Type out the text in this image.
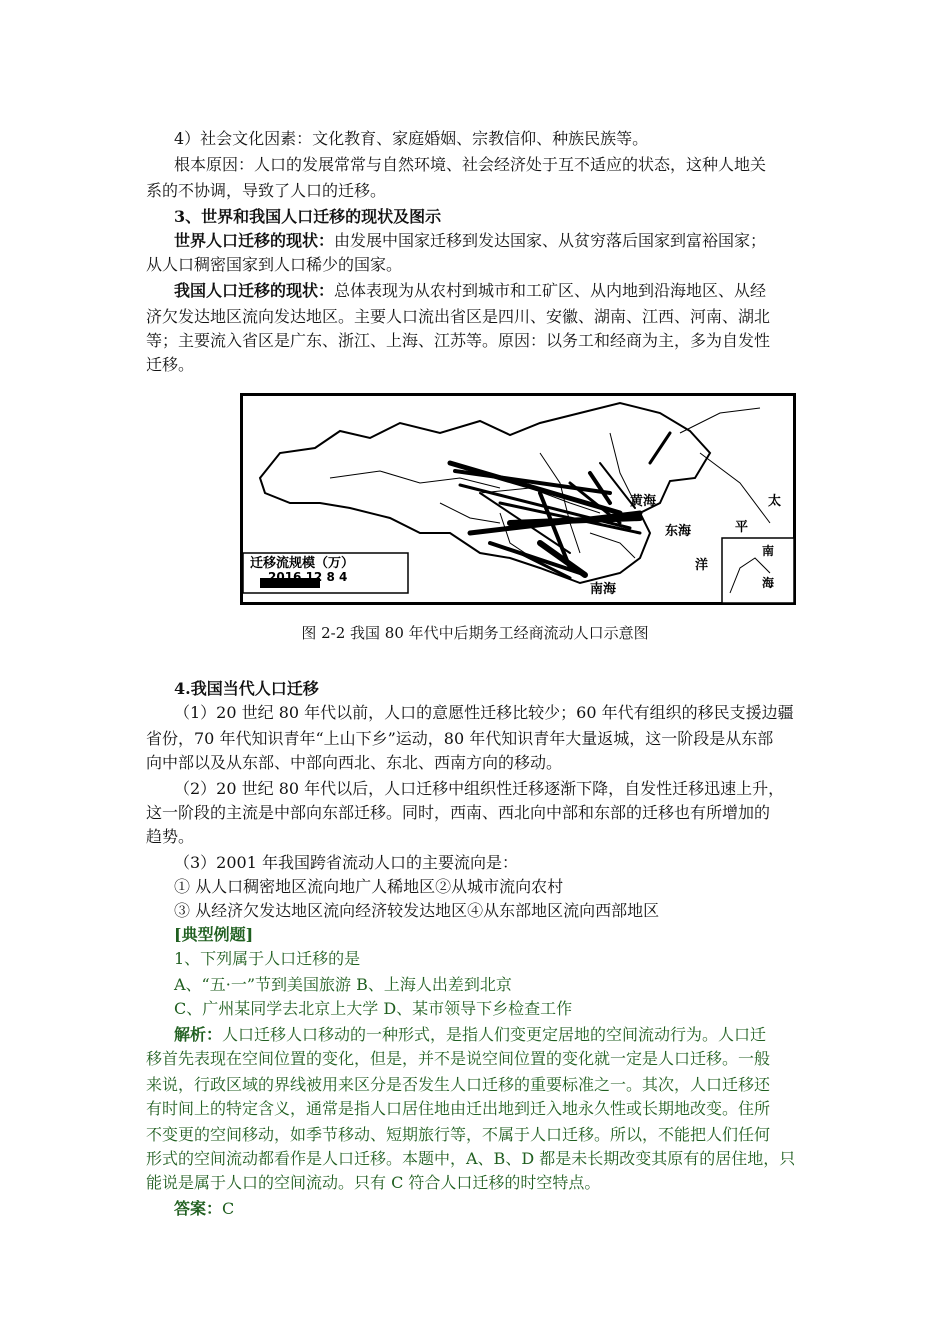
4）社会文化因素：文化教育、家庭婚姻、宗教信仰、种族民族等。
根本原因：人口的发展常常与自然环境、社会经济处于互不适应的状态，这种人地关
系的不协调，导致了人口的迁移。
3、世界和我国人口迁移的现状及图示
世界人口迁移的现状：由发展中国家迁移到发达国家、从贫穷落后国家到富裕国家；
从人口稠密国家到人口稀少的国家。
我国人口迁移的现状：总体表现为从农村到城市和工矿区、从内地到沿海地区、从经
济欠发达地区流向发达地区。主要人口流出省区是四川、安徽、湖南、江西、河南、湖北
等；主要流入省区是广东、浙江、上海、江苏等。原因：以务工和经商为主，多为自发性
迁移。
迁移流规模（万）
2016 12 8 4
黄海
东海
南海
太
平
洋
南
海
图 2-2 我国 80 年代中后期务工经商流动人口示意图
4.我国当代人口迁移
（1）20 世纪 80 年代以前，人口的意愿性迁移比较少；60 年代有组织的移民支援边疆
省份，70 年代知识青年“上山下乡”运动，80 年代知识青年大量返城，这一阶段是从东部
向中部以及从东部、中部向西北、东北、西南方向的移动。
（2）20 世纪 80 年代以后，人口迁移中组织性迁移逐渐下降，自发性迁移迅速上升，
这一阶段的主流是中部向东部迁移。同时，西南、西北向中部和东部的迁移也有所增加的
趋势。
（3）2001 年我国跨省流动人口的主要流向是：
① 从人口稠密地区流向地广人稀地区②从城市流向农村
③ 从经济欠发达地区流向经济较发达地区④从东部地区流向西部地区
[典型例题]
1、下列属于人口迁移的是
A、“五·一”节到美国旅游 B、上海人出差到北京
C、广州某同学去北京上大学 D、某市领导下乡检查工作
解析：人口迁移人口移动的一种形式，是指人们变更定居地的空间流动行为。人口迁
移首先表现在空间位置的变化，但是，并不是说空间位置的变化就一定是人口迁移。一般
来说，行政区域的界线被用来区分是否发生人口迁移的重要标准之一。其次，人口迁移还
有时间上的特定含义，通常是指人口居住地由迁出地到迁入地永久性或长期地改变。住所
不变更的空间移动，如季节移动、短期旅行等，不属于人口迁移。所以，不能把人们任何
形式的空间流动都看作是人口迁移。本题中，A、B、D 都是未长期改变其原有的居住地，只
能说是属于人口的空间流动。只有 C 符合人口迁移的时空特点。
答案：C
